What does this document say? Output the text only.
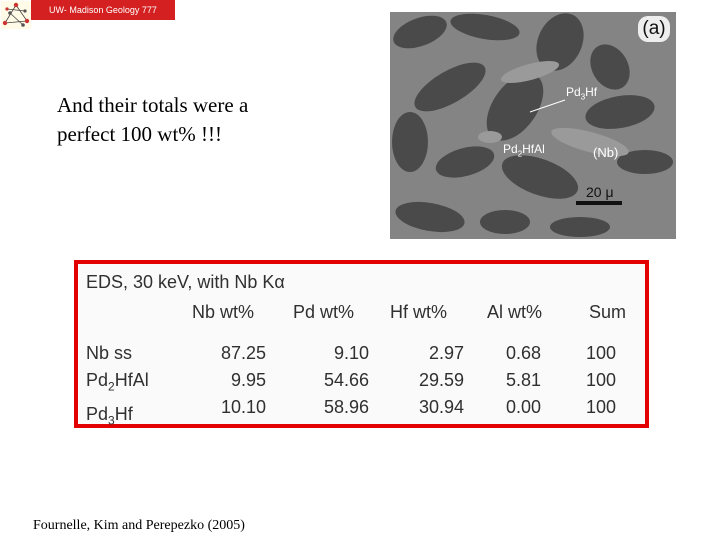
UW- Madison Geology 777
And their totals were a
perfect 100 wt% !!!
(a)
$Pd_3Hf$
$Pd_2HfAl$	(Nb)
20 μ
EDS, 30 keV, with Nb Kα
Nb ss
$Pd_2HfAl$
$Pd_3Hf$
Nb wt% Pd wt% Hf wt% Al wt%	Sum
87.25
9.95
10.10
9.10
54.66
58.96
2.97
29.59
30.94
0.68
5.81
0.00
100
100
100
Fournelle, Kim and Perepezko (2005)
